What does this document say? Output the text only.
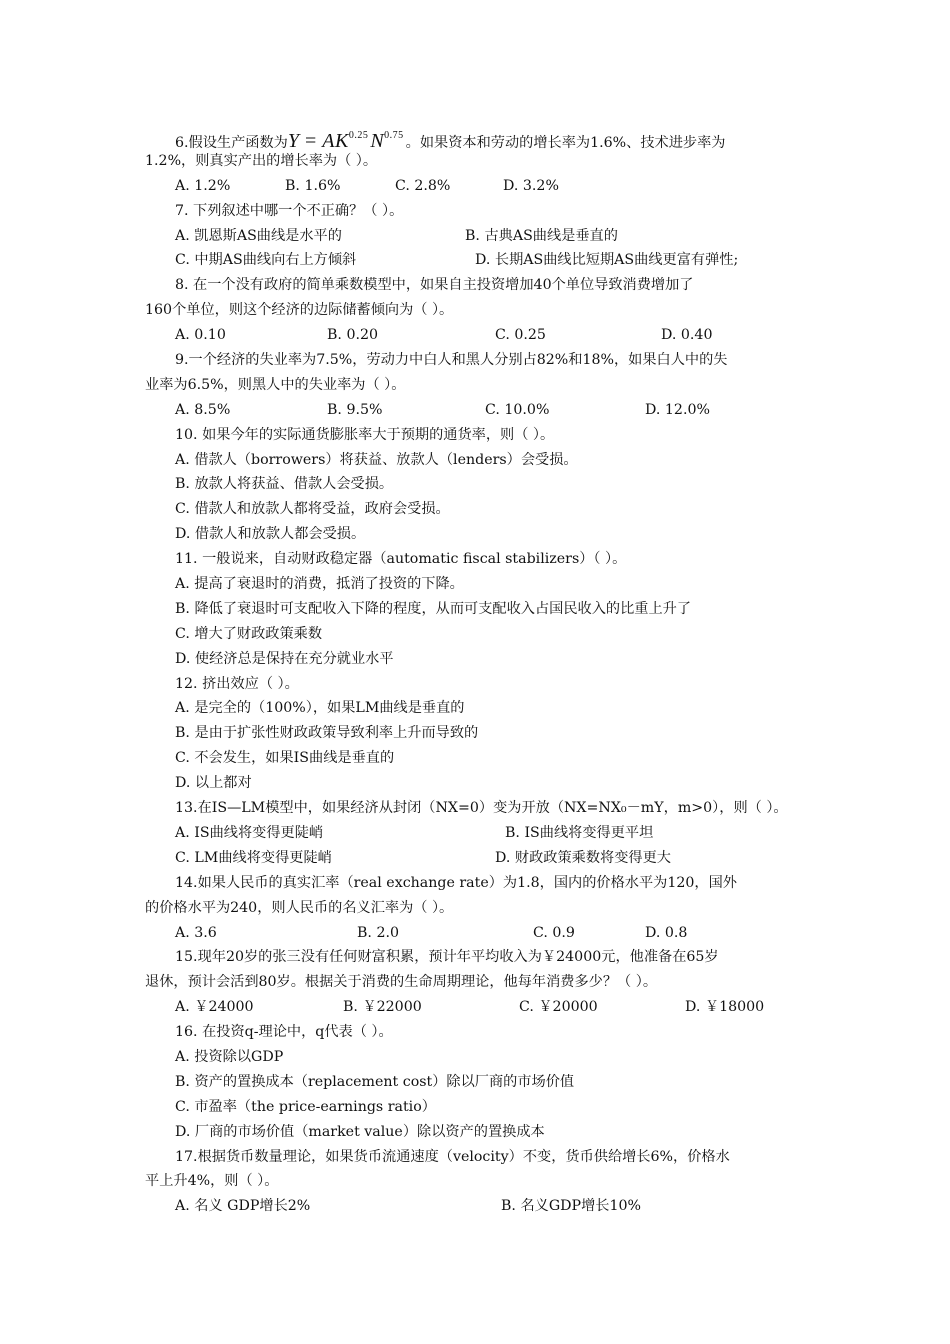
6.假设生产函数为$Y = AK^{0.25}$ $N^{0.75}$ 。如果资本和劳动的增长率为1.6%、技术进步率为
1.2%，则真实产出的增长率为（ ）。
A. 1.2%	B. 1.6%	C. 2.8%	D. 3.2%
7. 下列叙述中哪一个不正确？（ ）。
A. 凯恩斯AS曲线是水平的	B. 古典AS曲线是垂直的
C. 中期AS曲线向右上方倾斜	D. 长期AS曲线比短期AS曲线更富有弹性;
8. 在一个没有政府的简单乘数模型中，如果自主投资增加40个单位导致消费增加了
160个单位，则这个经济的边际储蓄倾向为（ ）。
A. 0.10	B. 0.20	C. 0.25	D. 0.40
9.一个经济的失业率为7.5%，劳动力中白人和黑人分别占82%和18%，如果白人中的失
业率为6.5%，则黑人中的失业率为（ ）。
A. 8.5%	B. 9.5%	C. 10.0%	D. 12.0%
10. 如果今年的实际通货膨胀率大于预期的通货率，则（ ）。
A. 借款人（borrowers）将获益、放款人（lenders）会受损。
B. 放款人将获益、借款人会受损。
C. 借款人和放款人都将受益，政府会受损。
D. 借款人和放款人都会受损。
11. 一般说来，自动财政稳定器（automatic fiscal stabilizers）（ ）。
A. 提高了衰退时的消费，抵消了投资的下降。
B. 降低了衰退时可支配收入下降的程度，从而可支配收入占国民收入的比重上升了
C. 增大了财政政策乘数
D. 使经济总是保持在充分就业水平
12. 挤出效应（ ）。
A. 是完全的（100%），如果LM曲线是垂直的
B. 是由于扩张性财政政策导致利率上升而导致的
C. 不会发生，如果IS曲线是垂直的
D. 以上都对
13.在IS—LM模型中，如果经济从封闭（NX=0）变为开放（NX=NX₀－mY，m>0），则（ ）。
A. IS曲线将变得更陡峭	B. IS曲线将变得更平坦
C. LM曲线将变得更陡峭	D. 财政政策乘数将变得更大
14.如果人民币的真实汇率（real exchange rate）为1.8，国内的价格水平为120，国外
的价格水平为240，则人民币的名义汇率为（ ）。
A. 3.6	B. 2.0	C. 0.9	D. 0.8
15.现年20岁的张三没有任何财富积累，预计年平均收入为￥24000元，他准备在65岁
退休，预计会活到80岁。根据关于消费的生命周期理论，他每年消费多少？（ ）。
A. ￥24000	B. ￥22000	C. ￥20000	D. ￥18000
16. 在投资q-理论中，q代表（ ）。
A. 投资除以GDP
B. 资产的置换成本（replacement cost）除以厂商的市场价值
C. 市盈率（the price-earnings ratio）
D. 厂商的市场价值（market value）除以资产的置换成本
17.根据货币数量理论，如果货币流通速度（velocity）不变，货币供给增长6%，价格水
平上升4%，则（ ）。
A. 名义 GDP增长2%	B. 名义GDP增长10%
